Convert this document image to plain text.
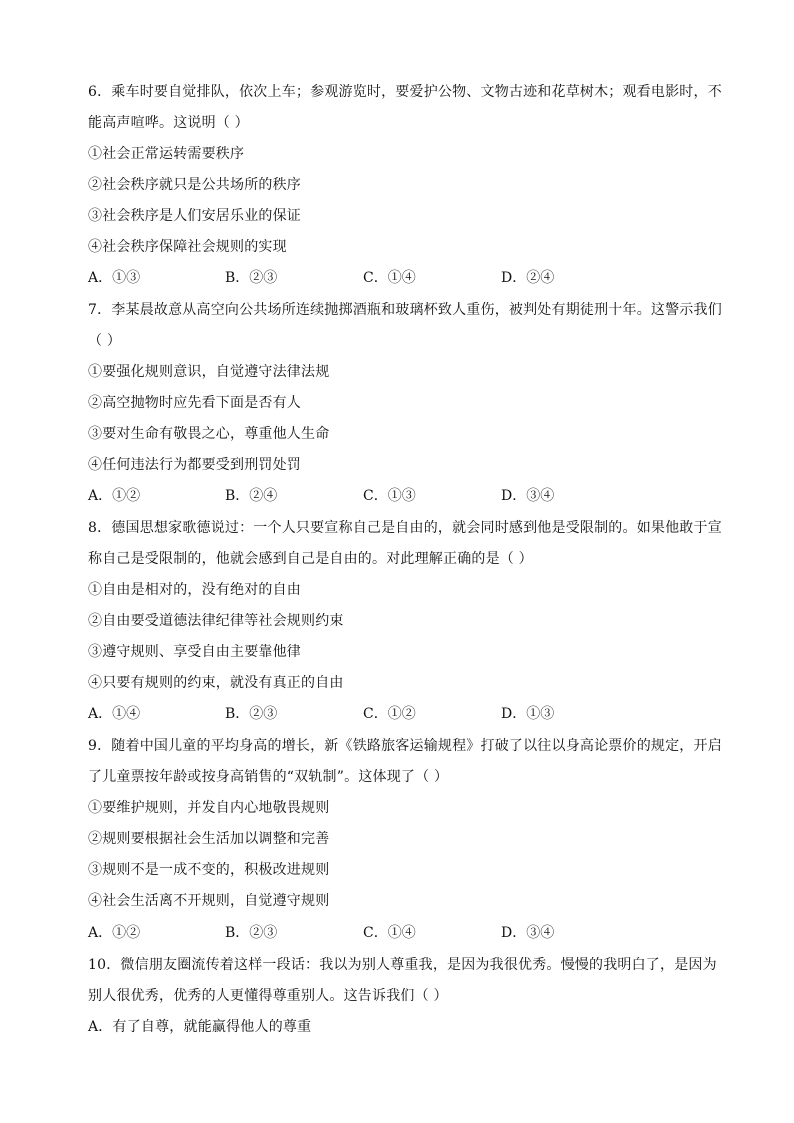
6．乘车时要自觉排队，依次上车；参观游览时，要爱护公物、文物古迹和花草树木；观看电影时，不
能高声喧哗。这说明（ ）
①社会正常运转需要秩序
②社会秩序就只是公共场所的秩序
③社会秩序是人们安居乐业的保证
④社会秩序保障社会规则的实现
A．①③	B．②③	C．①④	D．②④
7．李某晨故意从高空向公共场所连续抛掷酒瓶和玻璃杯致人重伤，被判处有期徒刑十年。这警示我们
（ ）
①要强化规则意识，自觉遵守法律法规
②高空抛物时应先看下面是否有人
③要对生命有敬畏之心，尊重他人生命
④任何违法行为都要受到刑罚处罚
A．①②	B．②④	C．①③	D．③④
8．德国思想家歌德说过：一个人只要宣称自己是自由的，就会同时感到他是受限制的。如果他敢于宣
称自己是受限制的，他就会感到自己是自由的。对此理解正确的是（ ）
①自由是相对的，没有绝对的自由
②自由要受道德法律纪律等社会规则约束
③遵守规则、享受自由主要靠他律
④只要有规则的约束，就没有真正的自由
A．①④	B．②③	C．①②	D．①③
9．随着中国儿童的平均身高的增长，新《铁路旅客运输规程》打破了以往以身高论票价的规定，开启
了儿童票按年龄或按身高销售的“双轨制”。这体现了（ ）
①要维护规则，并发自内心地敬畏规则
②规则要根据社会生活加以调整和完善
③规则不是一成不变的，积极改进规则
④社会生活离不开规则，自觉遵守规则
A．①②	B．②③	C．①④	D．③④
10．微信朋友圈流传着这样一段话：我以为别人尊重我，是因为我很优秀。慢慢的我明白了，是因为
别人很优秀，优秀的人更懂得尊重别人。这告诉我们（ ）
A．有了自尊，就能赢得他人的尊重
